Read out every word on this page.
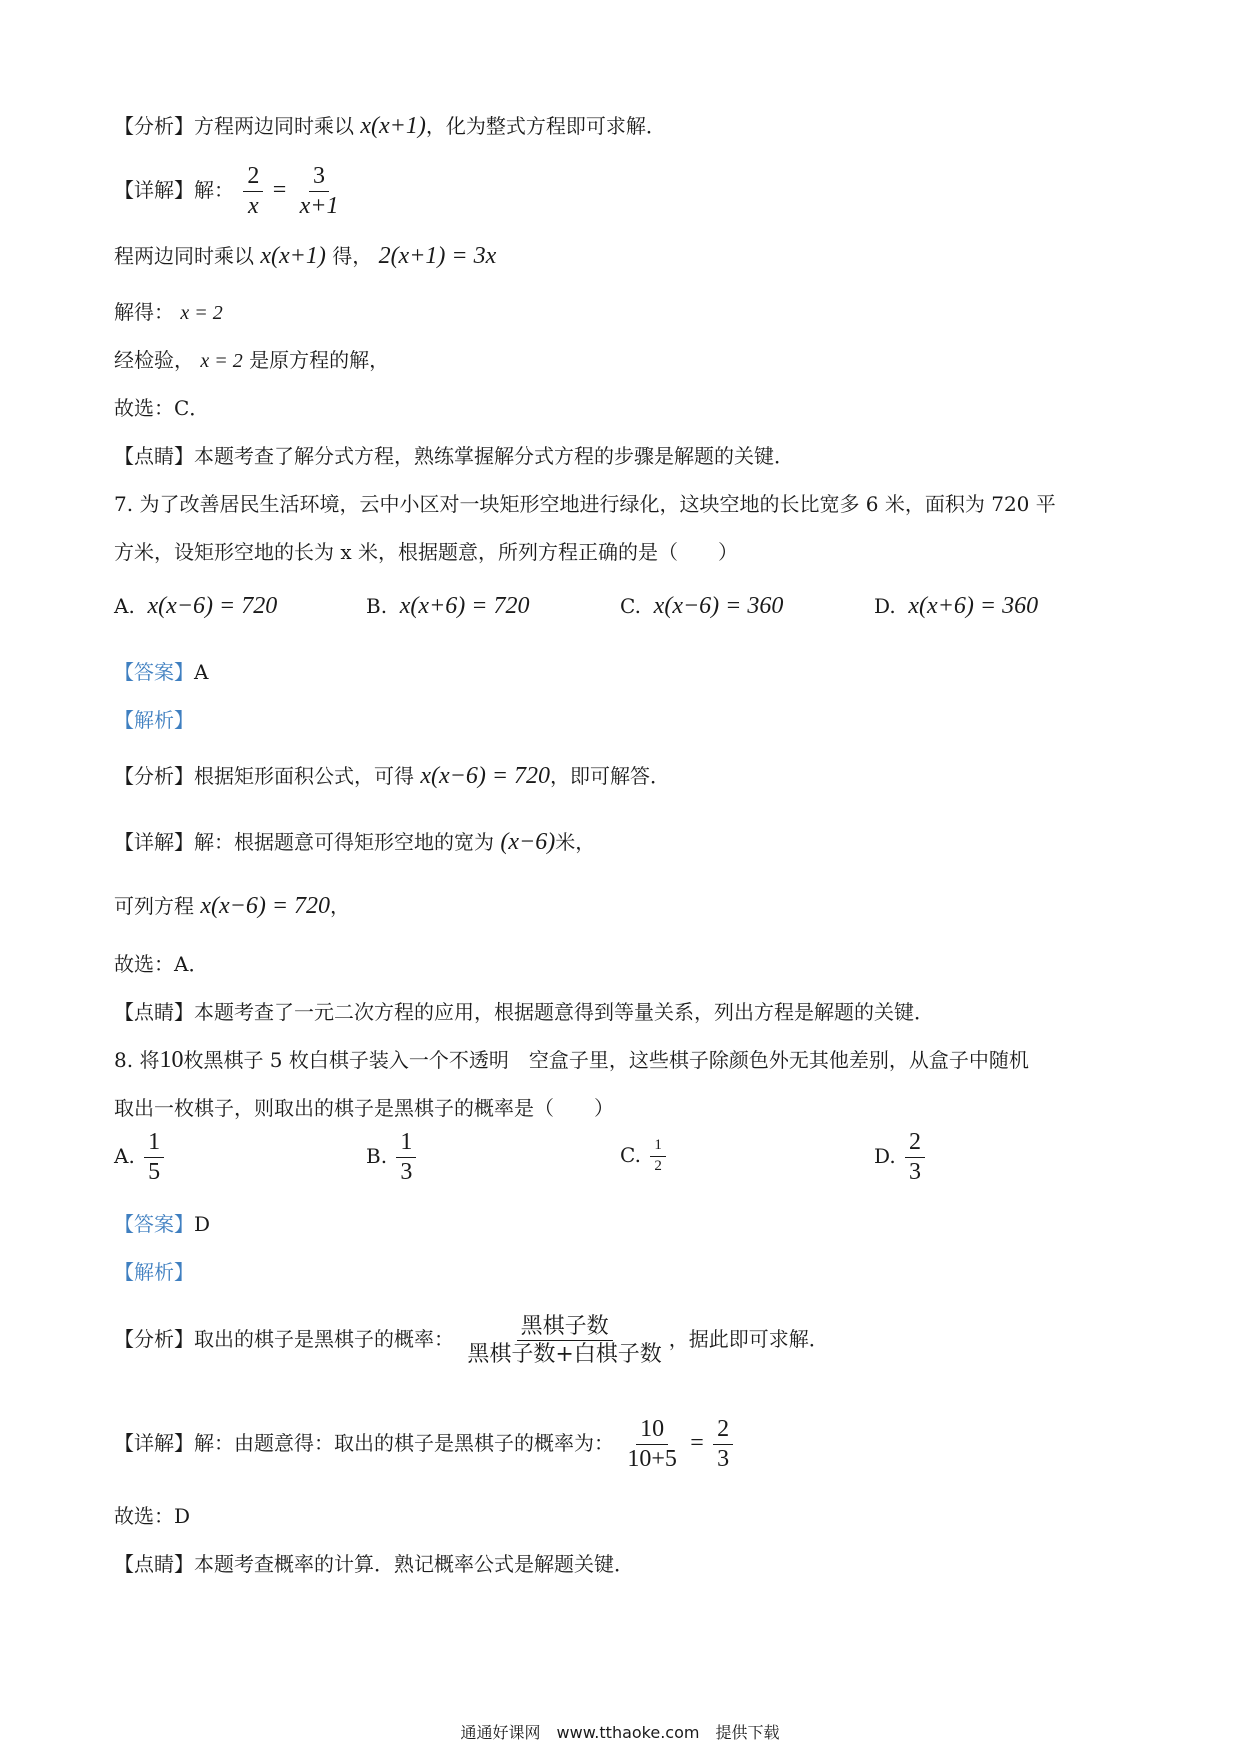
【分析】方程两边同时乘以 x(x+1)，化为整式方程即可求解．
【详解】解： $\frac{2}{x} = \frac{3}{x+1}$
程两边同时乘以 x(x+1) 得， 2(x+1) = 3x
解得： x = 2
经检验， x = 2 是原方程的解，
故选：C．
【点睛】本题考查了解分式方程，熟练掌握解分式方程的步骤是解题的关键．
7. 为了改善居民生活环境，云中小区对一块矩形空地进行绿化，这块空地的长比宽多 6 米，面积为 720 平
方米，设矩形空地的长为 x 米，根据题意，所列方程正确的是（　　）
A. x(x−6) = 720	B. x(x+6) = 720	C. x(x−6) = 360	D. x(x+6) = 360
【答案】A
【解析】
【分析】根据矩形面积公式，可得 x(x−6) = 720，即可解答．
【详解】解：根据题意可得矩形空地的宽为 (x−6)米，
可列方程 x(x−6) = 720，
故选：A．
【点睛】本题考查了一元二次方程的应用，根据题意得到等量关系，列出方程是解题的关键．
8. 将10枚黑棋子 5 枚白棋子装入一个不透明　空盒子里，这些棋子除颜色外无其他差别，从盒子中随机
取出一枚棋子，则取出的棋子是黑棋子的概率是（　　）
A. $\frac{1}{5}$	B. $\frac{1}{3}$	C. $\frac{1}{2}$	D. $\frac{2}{3}$
【答案】D
【解析】
【分析】取出的棋子是黑棋子的概率： $\frac{\text{黑棋子数}}{\text{黑棋子数+白棋子数}}$ ，据此即可求解．
【详解】解：由题意得：取出的棋子是黑棋子的概率为： $\frac{10}{10+5} = \frac{2}{3}$
故选：D
【点睛】本题考查概率的计算．熟记概率公式是解题关键．
通通好课网　www.tthaoke.com　提供下载
